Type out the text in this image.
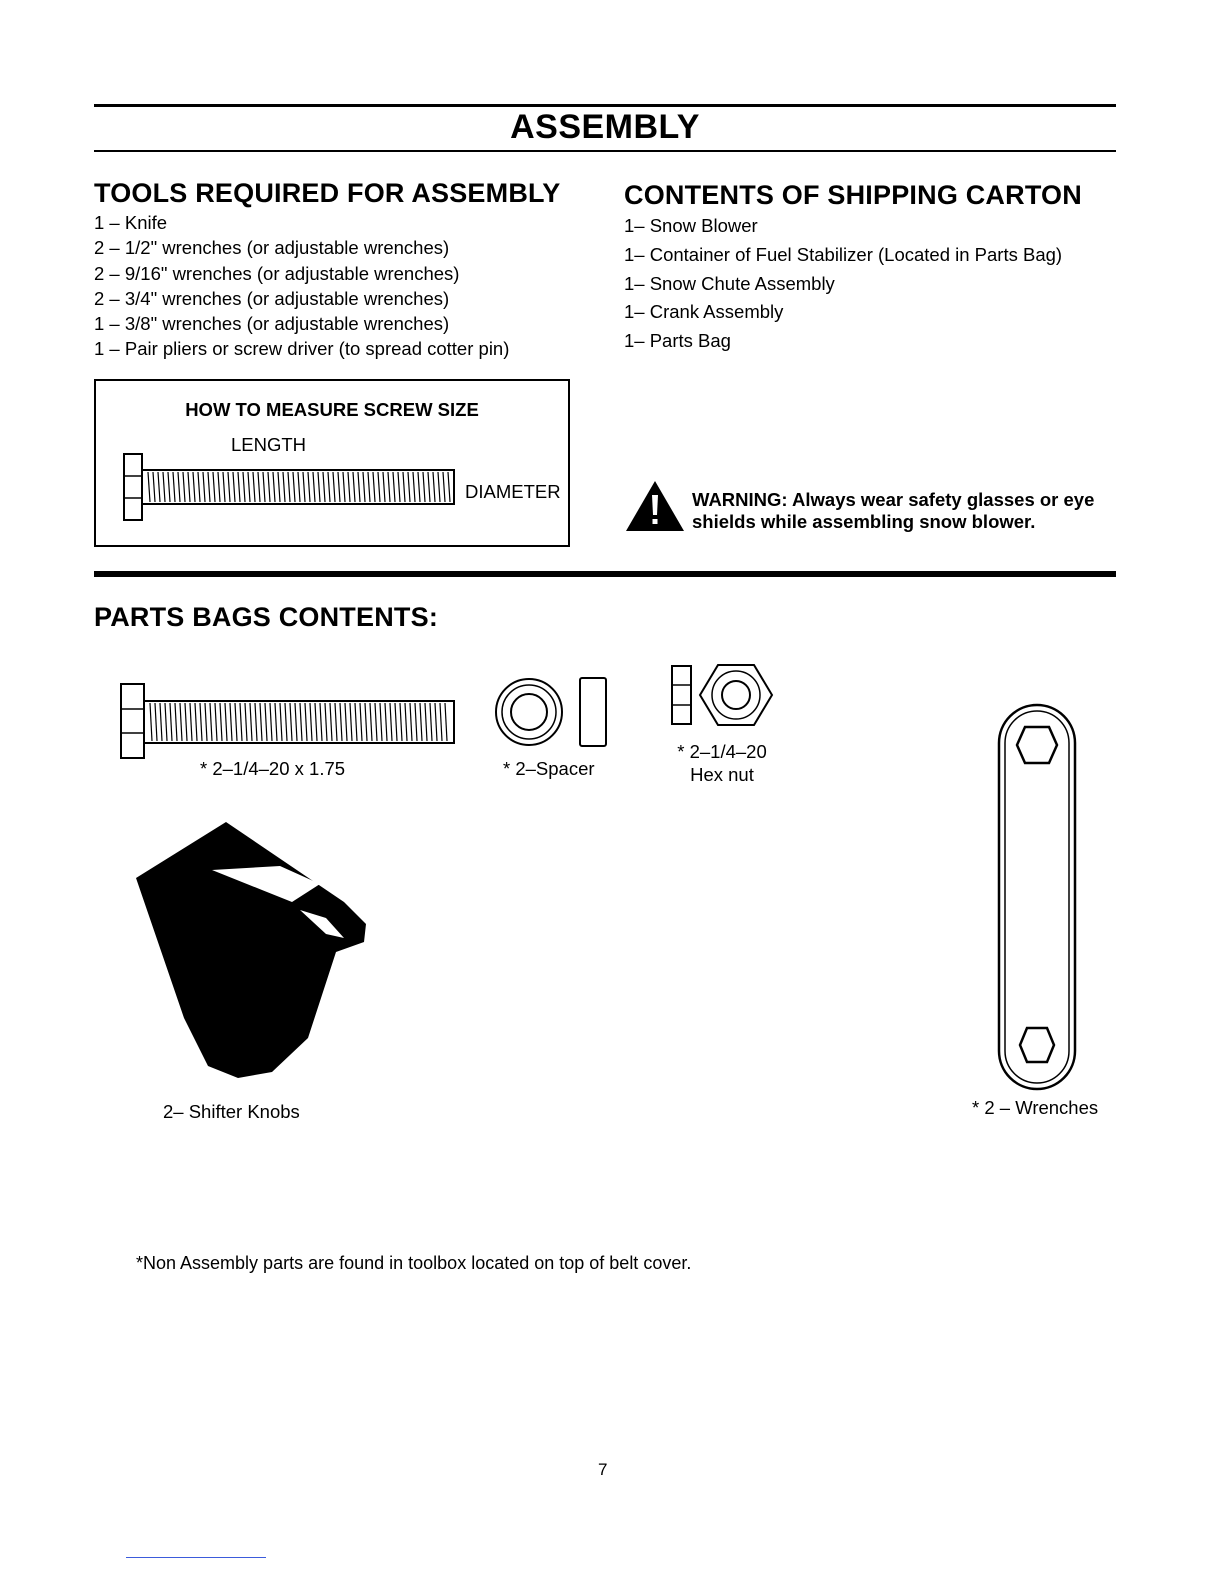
ASSEMBLY
TOOLS REQUIRED FOR ASSEMBLY
1 – Knife
2 – 1/2" wrenches (or adjustable wrenches)
2 – 9/16" wrenches (or adjustable wrenches)
2 – 3/4" wrenches (or adjustable wrenches)
1 – 3/8" wrenches (or adjustable wrenches)
1 – Pair pliers or screw driver (to spread cotter pin)
CONTENTS OF SHIPPING CARTON
1– Snow Blower
1– Container of Fuel Stabilizer (Located in Parts Bag)
1– Snow Chute Assembly
1– Crank Assembly
1– Parts Bag
HOW TO MEASURE SCREW SIZE
LENGTH
DIAMETER	WARNING: Always wear safety glasses or eye
shields while assembling snow blower.
PARTS BAGS CONTENTS:
* 2–1/4–20 x 1.75	* 2–Spacer
* 2–1/4–20
Hex nut
2– Shifter Knobs	* 2 – Wrenches
*Non Assembly parts are found in toolbox located on top of belt cover.
7
